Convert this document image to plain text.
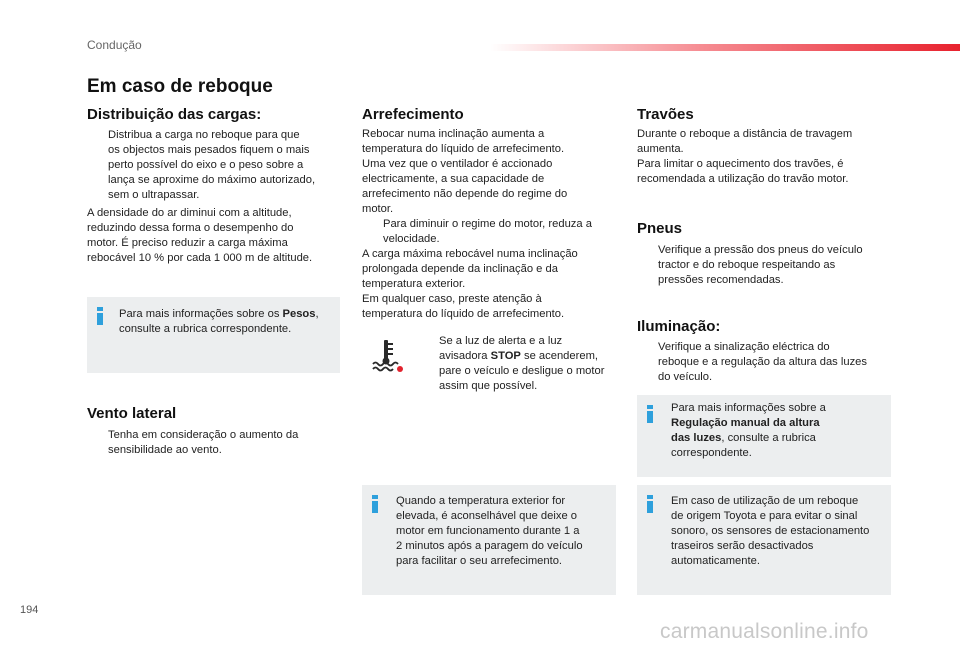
Condução
Em caso de reboque
Distribuição das cargas:
Distribua a carga no reboque para que
os objectos mais pesados fiquem o mais
perto possível do eixo e o peso sobre a
lança se aproxime do máximo autorizado,
sem o ultrapassar.
A densidade do ar diminui com a altitude,
reduzindo dessa forma o desempenho do
motor. É preciso reduzir a carga máxima
rebocável 10 % por cada 1 000 m de altitude.
Para mais informações sobre os Pesos,
consulte a rubrica correspondente.
Vento lateral
Tenha em consideração o aumento da
sensibilidade ao vento.
Arrefecimento
Rebocar numa inclinação aumenta a
temperatura do líquido de arrefecimento.
Uma vez que o ventilador é accionado
electricamente, a sua capacidade de
arrefecimento não depende do regime do
motor.
Para diminuir o regime do motor, reduza a
velocidade.
A carga máxima rebocável numa inclinação
prolongada depende da inclinação e da
temperatura exterior.
Em qualquer caso, preste atenção à
temperatura do líquido de arrefecimento.
Se a luz de alerta e a luz
avisadora STOP se acenderem,
pare o veículo e desligue o motor
assim que possível.
Quando a temperatura exterior for
elevada, é aconselhável que deixe o
motor em funcionamento durante 1 a
2 minutos após a paragem do veículo
para facilitar o seu arrefecimento.
Travões
Durante o reboque a distância de travagem
aumenta.
Para limitar o aquecimento dos travões, é
recomendada a utilização do travão motor.
Pneus
Verifique a pressão dos pneus do veículo
tractor e do reboque respeitando as
pressões recomendadas.
Iluminação:
Verifique a sinalização eléctrica do
reboque e a regulação da altura das luzes
do veículo.
Para mais informações sobre a
Regulação manual da altura
das luzes, consulte a rubrica
correspondente.
Em caso de utilização de um reboque
de origem Toyota e para evitar o sinal
sonoro, os sensores de estacionamento
traseiros serão desactivados
automaticamente.
194
carmanualsonline.info
